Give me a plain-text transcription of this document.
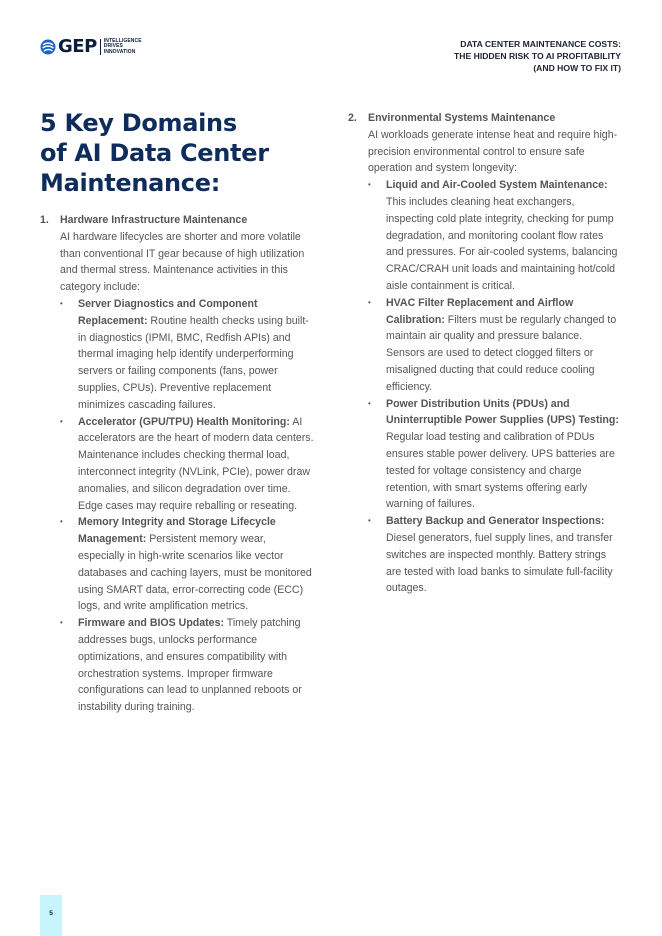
GEP INTELLIGENCE
DRIVES
INNOVATION
DATA CENTER MAINTENANCE COSTS:
THE HIDDEN RISK TO AI PROFITABILITY
(AND HOW TO FIX IT)
5 Key Domains
of AI Data Center
Maintenance:
1. Hardware Infrastructure Maintenance

AI hardware lifecycles are shorter and more volatile than conventional IT gear because of high utilization and thermal stress. Maintenance activities in this category include:

• Server Diagnostics and Component Replacement: Routine health checks using built-in diagnostics (IPMI, BMC, Redfish APIs) and thermal imaging help identify underperforming servers or failing components (fans, power supplies, CPUs). Preventive replacement minimizes cascading failures.
• Accelerator (GPU/TPU) Health Monitoring: AI accelerators are the heart of modern data centers. Maintenance includes checking thermal load, interconnect integrity (NVLink, PCIe), power draw anomalies, and silicon degradation over time. Edge cases may require reballing or reseating.
• Memory Integrity and Storage Lifecycle Management: Persistent memory wear, especially in high-write scenarios like vector databases and caching layers, must be monitored using SMART data, error-correcting code (ECC) logs, and write amplification metrics.
• Firmware and BIOS Updates: Timely patching addresses bugs, unlocks performance optimizations, and ensures compatibility with orchestration systems. Improper firmware configurations can lead to unplanned reboots or instability during training.
2. Environmental Systems Maintenance

AI workloads generate intense heat and require high-precision environmental control to ensure safe operation and system longevity:

• Liquid and Air-Cooled System Maintenance: This includes cleaning heat exchangers, inspecting cold plate integrity, checking for pump degradation, and monitoring coolant flow rates and pressures. For air-cooled systems, balancing CRAC/CRAH unit loads and maintaining hot/cold aisle containment is critical.
• HVAC Filter Replacement and Airflow Calibration: Filters must be regularly changed to maintain air quality and pressure balance. Sensors are used to detect clogged filters or misaligned ducting that could reduce cooling efficiency.
• Power Distribution Units (PDUs) and Uninterruptible Power Supplies (UPS) Testing: Regular load testing and calibration of PDUs ensures stable power delivery. UPS batteries are tested for voltage consistency and charge retention, with smart systems offering early warning of failures.
• Battery Backup and Generator Inspections: Diesel generators, fuel supply lines, and transfer switches are inspected monthly. Battery strings are tested with load banks to simulate full-facility outages.
5
